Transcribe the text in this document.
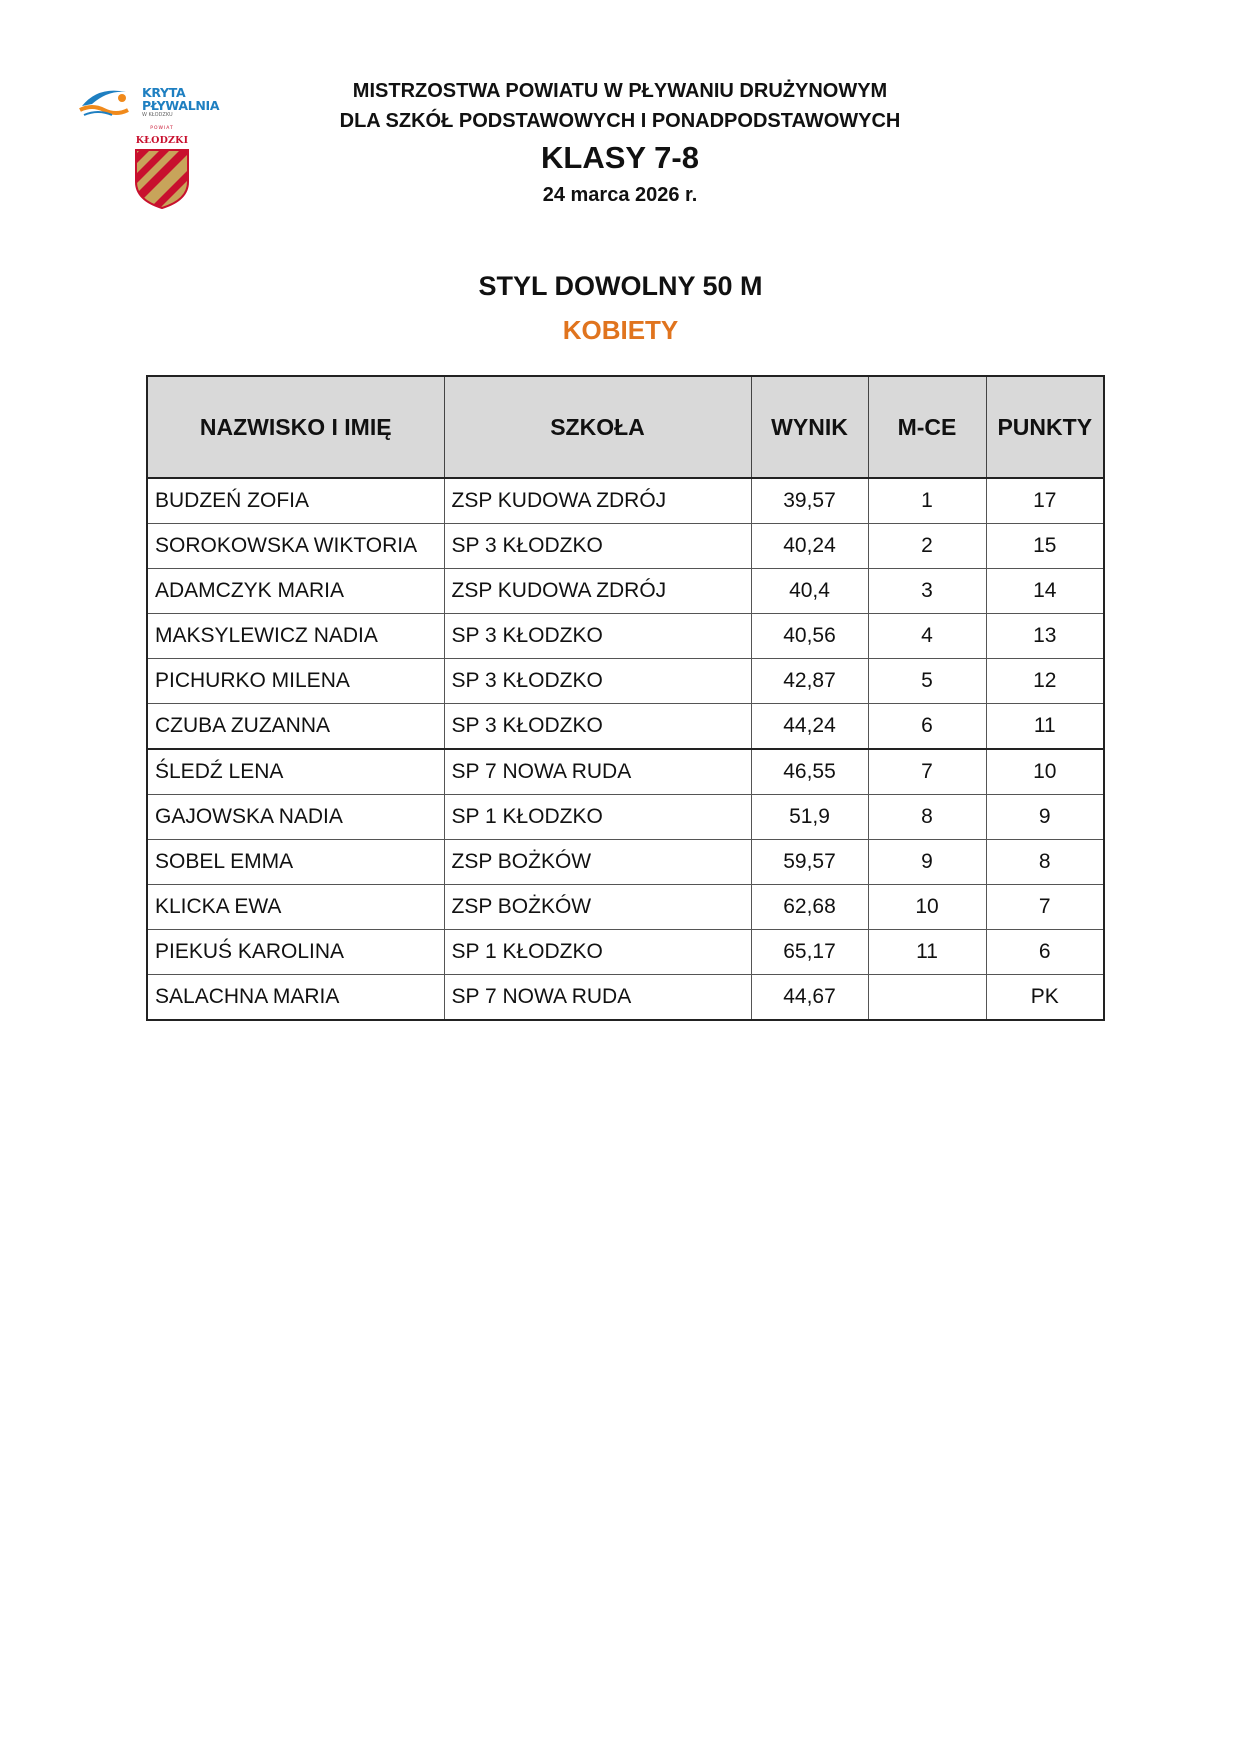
KRYTA
PŁYWALNIA
W KŁODZKU
POWIAT
KŁODZKI
MISTRZOSTWA POWIATU W PŁYWANIU DRUŻYNOWYM
DLA SZKÓŁ PODSTAWOWYCH I PONADPODSTAWOWYCH
KLASY 7-8
24 marca 2026 r.
STYL DOWOLNY 50 M
KOBIETY
NAZWISKO I IMIĘ	SZKOŁA	WYNIK	M-CE	PUNKTY
BUDZEŃ ZOFIA	ZSP KUDOWA ZDRÓJ	39,57	1	17
SOROKOWSKA WIKTORIA	SP 3 KŁODZKO	40,24	2	15
ADAMCZYK MARIA	ZSP KUDOWA ZDRÓJ	40,4	3	14
MAKSYLEWICZ NADIA	SP 3 KŁODZKO	40,56	4	13
PICHURKO MILENA	SP 3 KŁODZKO	42,87	5	12
CZUBA ZUZANNA	SP 3 KŁODZKO	44,24	6	11
ŚLEDŹ LENA	SP 7 NOWA RUDA	46,55	7	10
GAJOWSKA NADIA	SP 1 KŁODZKO	51,9	8	9
SOBEL EMMA	ZSP BOŻKÓW	59,57	9	8
KLICKA EWA	ZSP BOŻKÓW	62,68	10	7
PIEKUŚ KAROLINA	SP 1 KŁODZKO	65,17	11	6
SALACHNA MARIA	SP 7 NOWA RUDA	44,67		PK
